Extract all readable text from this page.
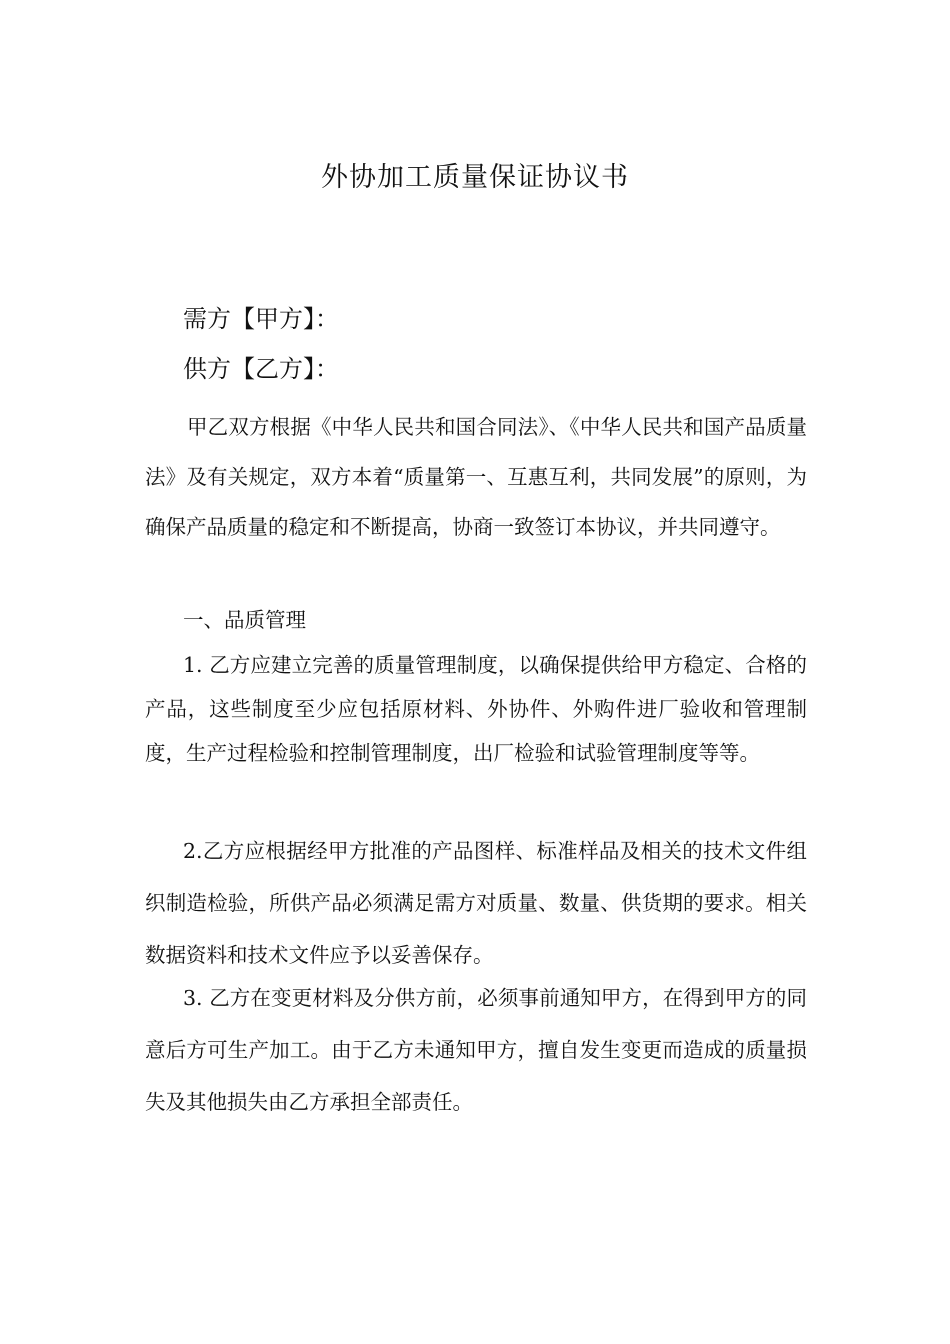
外协加工质量保证协议书
需方【甲方】：
供方【乙方】：
甲乙双方根据《中华人民共和国合同法》、《中华人民共和国产品质量法》及有关规定，双方本着“质量第一、互惠互利，共同发展”的原则，为确保产品质量的稳定和不断提高，协商一致签订本协议，并共同遵守。
一、品质管理
1. 乙方应建立完善的质量管理制度，以确保提供给甲方稳定、合格的产品，这些制度至少应包括原材料、外协件、外购件进厂验收和管理制度，生产过程检验和控制管理制度，出厂检验和试验管理制度等等。
2.乙方应根据经甲方批准的产品图样、标准样品及相关的技术文件组织制造检验，所供产品必须满足需方对质量、数量、供货期的要求。相关数据资料和技术文件应予以妥善保存。
3. 乙方在变更材料及分供方前，必须事前通知甲方，在得到甲方的同意后方可生产加工。由于乙方未通知甲方，擅自发生变更而造成的质量损失及其他损失由乙方承担全部责任。
